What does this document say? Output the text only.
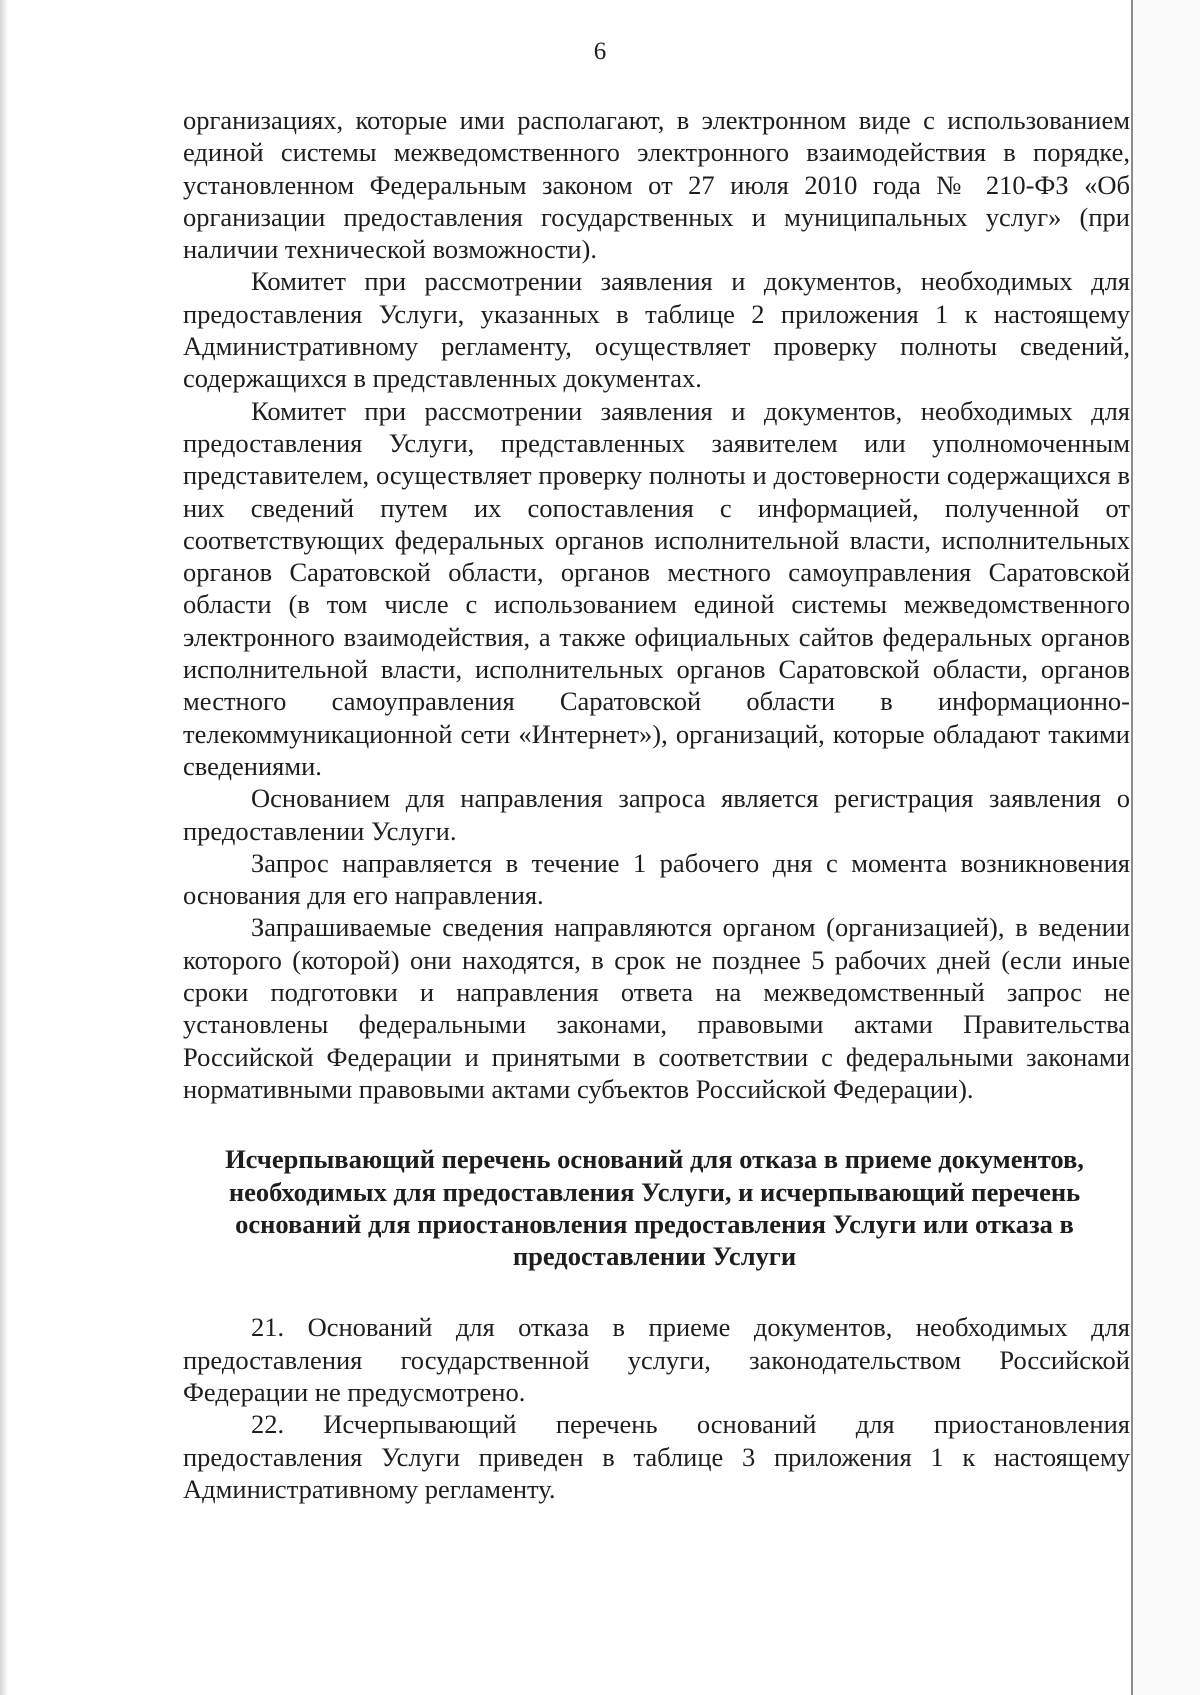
6

организациях, которые ими располагают, в электронном виде с использованием единой системы межведомственного электронного взаимодействия в порядке, установленном Федеральным законом от 27 июля 2010 года № 210-ФЗ «Об организации предоставления государственных и муниципальных услуг» (при наличии технической возможности).

Комитет при рассмотрении заявления и документов, необходимых для предоставления Услуги, указанных в таблице 2 приложения 1 к настоящему Административному регламенту, осуществляет проверку полноты сведений, содержащихся в представленных документах.

Комитет при рассмотрении заявления и документов, необходимых для предоставления Услуги, представленных заявителем или уполномоченным представителем, осуществляет проверку полноты и достоверности содержащихся в них сведений путем их сопоставления с информацией, полученной от соответствующих федеральных органов исполнительной власти, исполнительных органов Саратовской области, органов местного самоуправления Саратовской области (в том числе с использованием единой системы межведомственного электронного взаимодействия, а также официальных сайтов федеральных органов исполнительной власти, исполнительных органов Саратовской области, органов местного самоуправления Саратовской области в информационно-телекоммуникационной сети «Интернет»), организаций, которые обладают такими сведениями.

Основанием для направления запроса является регистрация заявления о предоставлении Услуги.

Запрос направляется в течение 1 рабочего дня с момента возникновения основания для его направления.

Запрашиваемые сведения направляются органом (организацией), в ведении которого (которой) они находятся, в срок не позднее 5 рабочих дней (если иные сроки подготовки и направления ответа на межведомственный запрос не установлены федеральными законами, правовыми актами Правительства Российской Федерации и принятыми в соответствии с федеральными законами нормативными правовыми актами субъектов Российской Федерации).

Исчерпывающий перечень оснований для отказа в приеме документов, необходимых для предоставления Услуги, и исчерпывающий перечень оснований для приостановления предоставления Услуги или отказа в предоставлении Услуги

21. Оснований для отказа в приеме документов, необходимых для предоставления государственной услуги, законодательством Российской Федерации не предусмотрено.

22. Исчерпывающий перечень оснований для приостановления предоставления Услуги приведен в таблице 3 приложения 1 к настоящему Административному регламенту.
